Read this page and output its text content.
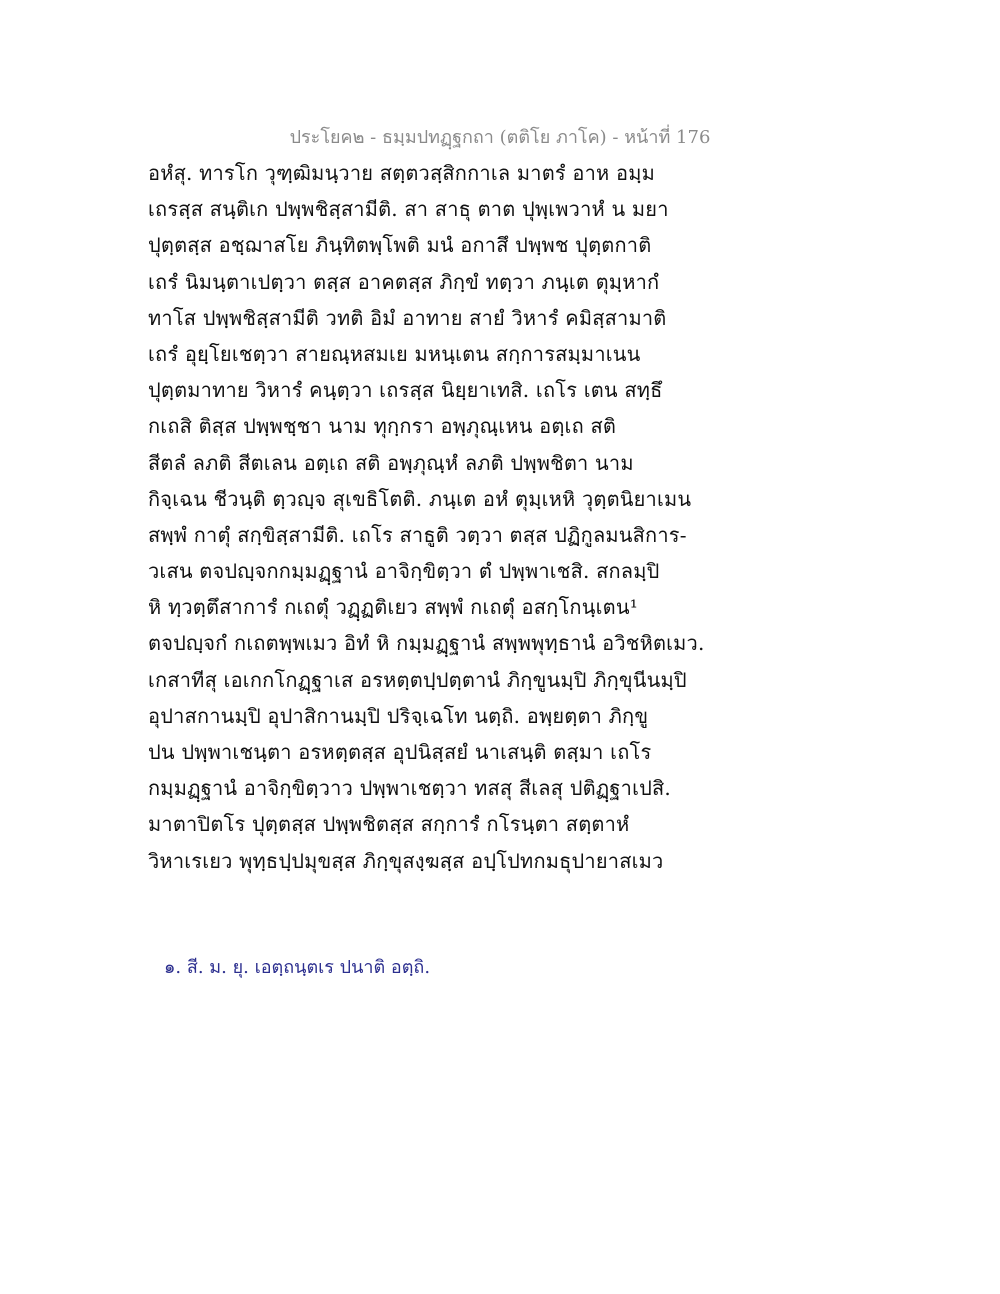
ประโยค๒ - ธมฺมปทฏฺฐกถา (ตติโย ภาโค) - หน้าที่ 176
อหํสุ. ทารโก วุฑฺฒิมนฺวาย สตฺตวสฺสิกกาเล มาตรํ อาห อมฺม
เถรสฺส สนฺติเก ปพฺพชิสฺสามีติ. สา สาธุ ตาต ปุพฺเพวาหํ น มยา
ปุตฺตสฺส อชฺฌาสโย ภินฺทิตพฺโพติ มนํ อกาสึ ปพฺพช ปุตฺตกาติ
เถรํ นิมนฺตาเปตฺวา ตสฺส อาคตสฺส ภิกฺขํ ทตฺวา ภนฺเต ตุมฺหากํ
ทาโส ปพฺพชิสฺสามีติ วทติ อิมํ อาทาย สายํ วิหารํ คมิสฺสามาติ
เถรํ อุยฺโยเชตฺวา สายณฺหสมเย มหนฺเตน สกฺการสมฺมาเนน
ปุตฺตมาทาย วิหารํ คนฺตฺวา เถรสฺส นิยฺยาเทสิ. เถโร เตน สทฺธึ
กเถสิ ติสฺส ปพฺพชฺชา นาม ทุกฺกรา อพฺภุณฺเหน อตฺเถ สติ
สีตลํ ลภติ สีตเลน อตฺเถ สติ อพฺภุณฺหํ ลภติ ปพฺพชิตา นาม
กิจฺเฉน ชีวนฺติ ตฺวญฺจ สุเขธิโตติ. ภนฺเต อหํ ตุมฺเหหิ วุตฺตนิยาเมน
สพฺพํ กาตุํ สกฺขิสฺสามีติ. เถโร สาธูติ วตฺวา ตสฺส ปฏิกูลมนสิการ-
วเสน ตจปญฺจกกมฺมฏฺฐานํ อาจิกฺขิตฺวา ตํ ปพฺพาเชสิ. สกลมฺปิ
หิ ทฺวตฺตึสาการํ กเถตุํ วฏฺฏติเยว สพฺพํ กเถตุํ อสกฺโกนฺเตน¹
ตจปญฺจกํ กเถตพฺพเมว อิทํ หิ กมฺมฏฺฐานํ สพฺพพุทฺธานํ อวิชหิตเมว.
เกสาทีสุ เอเกกโกฏฺฐาเส อรหตฺตปฺปตฺตานํ ภิกฺขูนมฺปิ ภิกฺขุนีนมฺปิ
อุปาสกานมฺปิ อุปาสิกานมฺปิ ปริจฺเฉโท นตฺถิ. อพฺยตฺตา ภิกฺขู
ปน ปพฺพาเชนฺตา อรหตฺตสฺส อุปนิสฺสยํ นาเสนฺติ ตสฺมา เถโร
กมฺมฏฺฐานํ อาจิกฺขิตฺวาว ปพฺพาเชตฺวา ทสสุ สีเลสุ ปติฏฺฐาเปสิ.
มาตาปิตโร ปุตฺตสฺส ปพฺพชิตสฺส สกฺการํ กโรนฺตา สตฺตาหํ
วิหาเรเยว พุทฺธปฺปมุขสฺส ภิกฺขุสงฺฆสฺส อปฺโปทกมธุปายาสเมว
๑. สี. ม. ยุ. เอตฺถนฺตเร ปนาติ อตฺถิ.
